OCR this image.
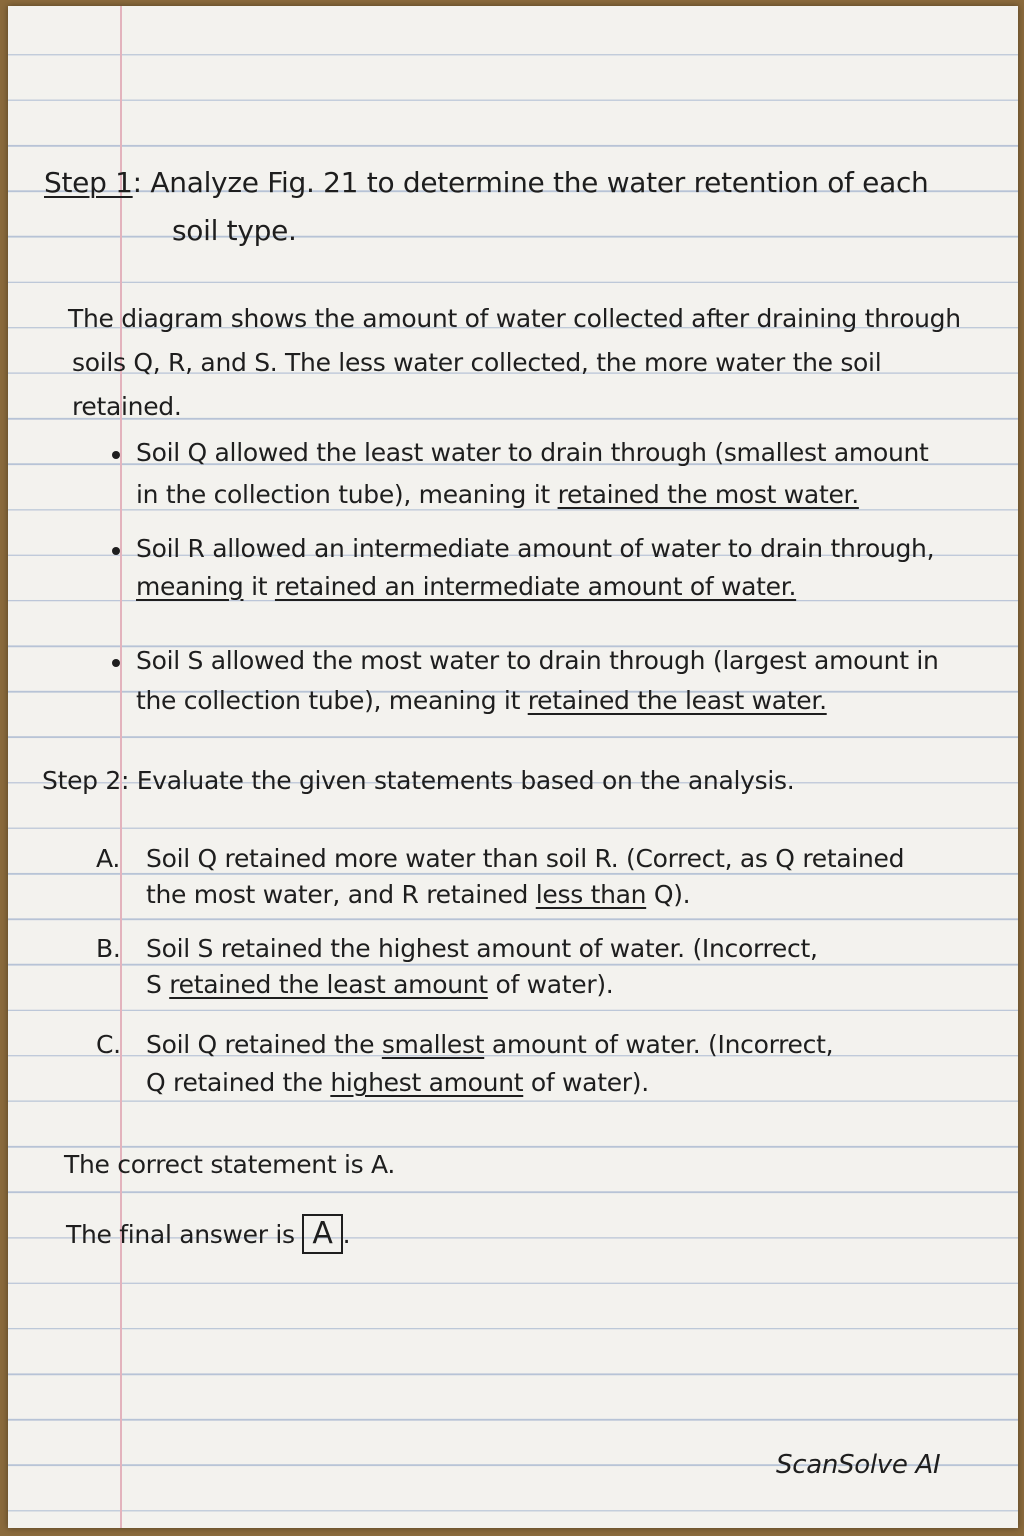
Step 1: Analyze Fig. 21 to determine the water retention of each
soil type.
The diagram shows the amount of water collected after draining through
soils Q, R, and S. The less water collected, the more water the soil
retained.
Soil Q allowed the least water to drain through (smallest amount
in the collection tube), meaning it retained the most water.
Soil R allowed an intermediate amount of water to drain through,
meaning it retained an intermediate amount of water.
Soil S allowed the most water to drain through (largest amount in
the collection tube), meaning it retained the least water.
Step 2: Evaluate the given statements based on the analysis.
A. Soil Q retained more water than soil R. (Correct, as Q retained
the most water, and R retained less than Q).
B. Soil S retained the highest amount of water. (Incorrect,
S retained the least amount of water).
C. Soil Q retained the smallest amount of water. (Incorrect,
Q retained the highest amount of water).
The correct statement is A.
The final answer is A .
ScanSolve AI
